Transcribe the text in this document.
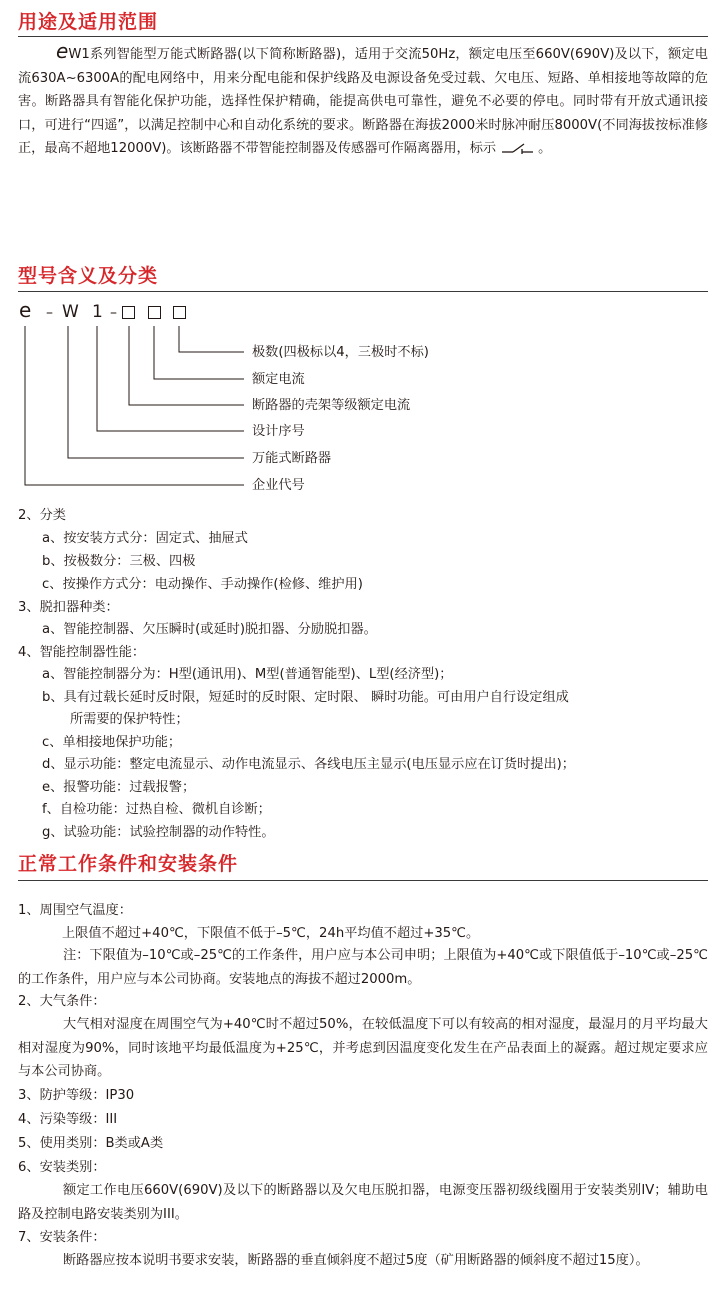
用途及适用范围

eW1系列智能型万能式断路器(以下简称断路器)，适用于交流50Hz，额定电压至660V(690V)及以下，额定电流630A~6300A的配电网络中，用来分配电能和保护线路及电源设备免受过载、欠电压、短路、单相接地等故障的危害。断路器具有智能化保护功能，选择性保护精确，能提高供电可靠性，避免不必要的停电。同时带有开放式通讯接口，可进行“四遥”，以满足控制中心和自动化系统的要求。断路器在海拔2000米时脉冲耐压8000V(不同海拔按标准修正，最高不超地12000V)。该断路器不带智能控制器及传感器可作隔离器用，标示	。

型号含义及分类
e – W 1 –
极数(四极标以4，三极时不标)
额定电流
断路器的壳架等级额定电流
设计序号
万能式断路器
企业代号
2、分类
a、按安装方式分：固定式、抽屉式
b、按极数分：三极、四极
c、按操作方式分：电动操作、手动操作(检修、维护用)
3、脱扣器种类：
a、智能控制器、欠压瞬时(或延时)脱扣器、分励脱扣器。
4、智能控制器性能：
a、智能控制器分为：H型(通讯用)、M型(普通智能型)、L型(经济型)；
b、具有过载长延时反时限，短延时的反时限、定时限、 瞬时功能。可由用户自行设定组成
所需要的保护特性；
c、单相接地保护功能；
d、显示功能：整定电流显示、动作电流显示、各线电压主显示(电压显示应在订货时提出)；
e、报警功能：过载报警；
f、自检功能：过热自检、微机自诊断；
g、试验功能：试验控制器的动作特性。
正常工作条件和安装条件
1、周围空气温度：
上限值不超过+40℃，下限值不低于–5℃，24h平均值不超过+35℃。

注：下限值为–10℃或–25℃的工作条件，用户应与本公司申明；上限值为+40℃或下限值低于–10℃或–25℃的工作条件，用户应与本公司协商。安装地点的海拔不超过2000m。

2、大气条件：

大气相对湿度在周围空气为+40℃时不超过50%，在较低温度下可以有较高的相对湿度，最湿月的月平均最大相对湿度为90%，同时该地平均最低温度为+25℃，并考虑到因温度变化发生在产品表面上的凝露。超过规定要求应与本公司协商。

3、防护等级：IP30
4、污染等级：III
5、使用类别：B类或A类
6、安装类别：

额定工作电压660V(690V)及以下的断路器以及欠电压脱扣器，电源变压器初级线圈用于安装类别IV；辅助电路及控制电路安装类别为III。

7、安装条件：

断路器应按本说明书要求安装，断路器的垂直倾斜度不超过5度（矿用断路器的倾斜度不超过15度）。
